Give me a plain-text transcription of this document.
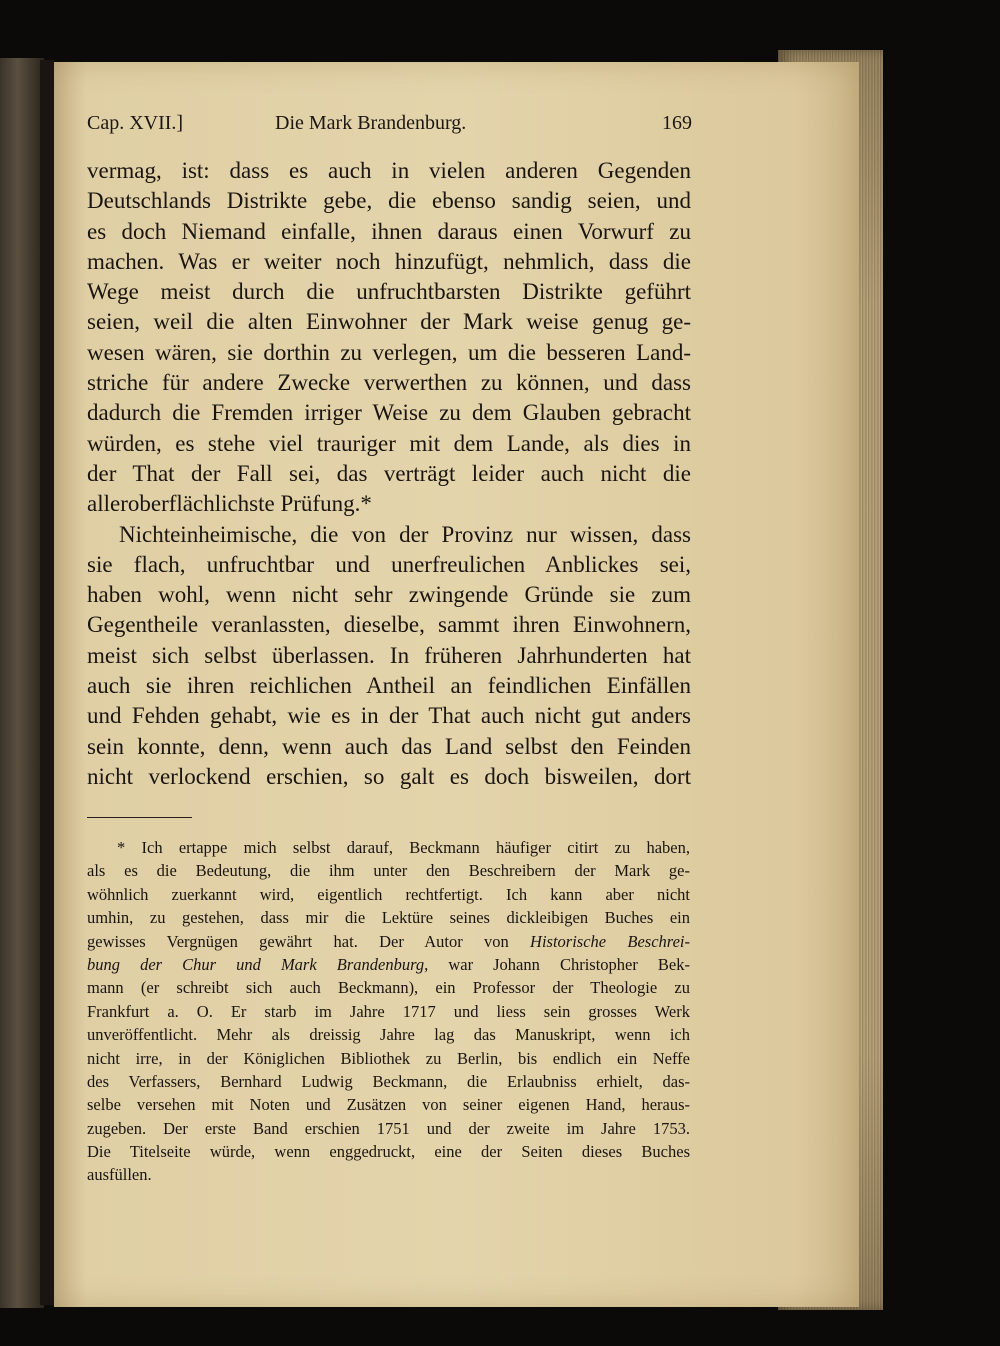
Cap. XVII.]	Die Mark Brandenburg.	169
vermag, ist: dass es auch in vielen anderen Gegenden
Deutschlands Distrikte gebe, die ebenso sandig seien, und
es doch Niemand einfalle, ihnen daraus einen Vorwurf zu
machen. Was er weiter noch hinzufügt, nehmlich, dass die
Wege meist durch die unfruchtbarsten Distrikte geführt
seien, weil die alten Einwohner der Mark weise genug ge-
wesen wären, sie dorthin zu verlegen, um die besseren Land-
striche für andere Zwecke verwerthen zu können, und dass
dadurch die Fremden irriger Weise zu dem Glauben gebracht
würden, es stehe viel trauriger mit dem Lande, als dies in
der That der Fall sei, das verträgt leider auch nicht die
alleroberflächlichste Prüfung.*
Nichteinheimische, die von der Provinz nur wissen, dass
sie flach, unfruchtbar und unerfreulichen Anblickes sei,
haben wohl, wenn nicht sehr zwingende Gründe sie zum
Gegentheile veranlassten, dieselbe, sammt ihren Einwohnern,
meist sich selbst überlassen. In früheren Jahrhunderten hat
auch sie ihren reichlichen Antheil an feindlichen Einfällen
und Fehden gehabt, wie es in der That auch nicht gut anders
sein konnte, denn, wenn auch das Land selbst den Feinden
nicht verlockend erschien, so galt es doch bisweilen, dort
* Ich ertappe mich selbst darauf, Beckmann häufiger citirt zu haben,
als es die Bedeutung, die ihm unter den Beschreibern der Mark ge-
wöhnlich zuerkannt wird, eigentlich rechtfertigt. Ich kann aber nicht
umhin, zu gestehen, dass mir die Lektüre seines dickleibigen Buches ein
gewisses Vergnügen gewährt hat. Der Autor von Historische Beschrei-
bung der Chur und Mark Brandenburg, war Johann Christopher Bek-
mann (er schreibt sich auch Beckmann), ein Professor der Theologie zu
Frankfurt a. O. Er starb im Jahre 1717 und liess sein grosses Werk
unveröffentlicht. Mehr als dreissig Jahre lag das Manuskript, wenn ich
nicht irre, in der Königlichen Bibliothek zu Berlin, bis endlich ein Neffe
des Verfassers, Bernhard Ludwig Beckmann, die Erlaubniss erhielt, das-
selbe versehen mit Noten und Zusätzen von seiner eigenen Hand, heraus-
zugeben. Der erste Band erschien 1751 und der zweite im Jahre 1753.
Die Titelseite würde, wenn enggedruckt, eine der Seiten dieses Buches
ausfüllen.
